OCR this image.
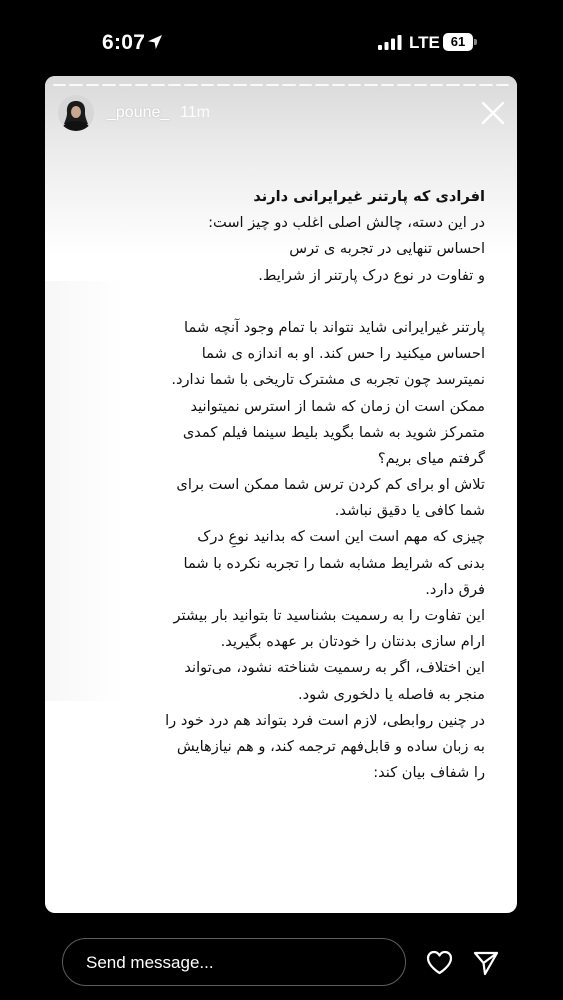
6:07	LTE 61
_poune_ 11m
افرادی که پارتنر غیرایرانی دارند
در این دسته، چالش اصلی اغلب دو چیز است:
احساس تنهایی در تجربه ی ترس
و تفاوت در نوع درک پارتنر از شرایط.
پارتنر غیرایرانی شاید نتواند با تمام وجود آنچه شما
احساس میکنید را حس کند. او به اندازه ی شما
نمیترسد چون تجربه ی مشترک تاریخی با شما ندارد.
ممکن است ان زمان که شما از استرس نمیتوانید
متمرکز شوید به شما بگوید بلیط سینما فیلم کمدی
گرفتم میای بریم؟
تلاش او برای کم کردن ترس شما ممکن است برای
شما کافی یا دقیق نباشد.
چیزی که مهم است این است که بدانید نوعِ درک
بدنی که شرایط مشابه شما را تجربه نکرده با شما
فرق دارد.
این تفاوت را به رسمیت بشناسید تا بتوانید بار بیشتر
ارام سازی بدنتان را خودتان بر عهده بگیرید.
این اختلاف، اگر به رسمیت شناخته نشود، می‌تواند
منجر به فاصله یا دلخوری شود.
در چنین روابطی، لازم است فرد بتواند هم درد خود را
به زبان ساده و قابل‌فهم ترجمه کند، و هم نیازهایش
را شفاف بیان کند:
Send message...
